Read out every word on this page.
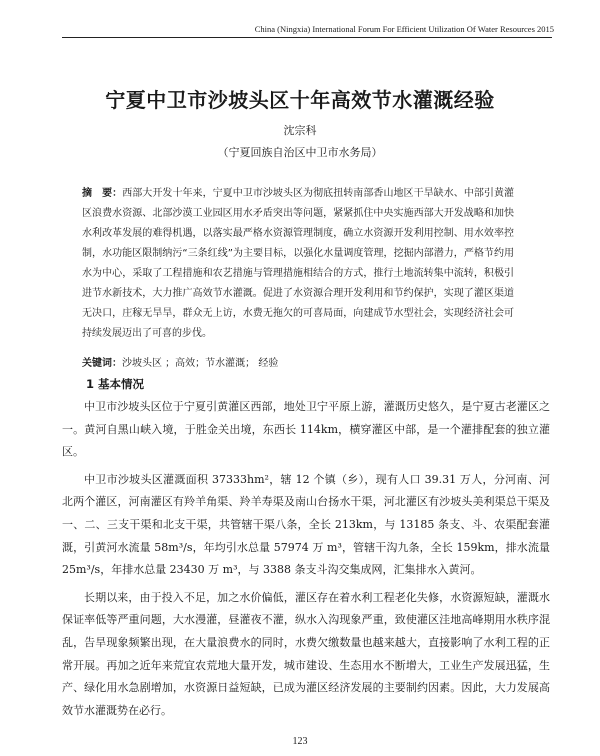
China (Ningxia) International Forum For Efficient Utilization Of Water Resources 2015
宁夏中卫市沙坡头区十年高效节水灌溉经验
沈宗科
（宁夏回族自治区中卫市水务局）
摘　要：西部大开发十年来，宁夏中卫市沙坡头区为彻底扭转南部香山地区干旱缺水、中部引黄灌区浪费水资源、北部沙漠工业园区用水矛盾突出等问题，紧紧抓住中央实施西部大开发战略和加快水利改革发展的难得机遇，以落实最严格水资源管理制度，确立水资源开发利用控制、用水效率控制，水功能区限制纳污“三条红线”为主要目标，以强化水量调度管理，挖掘内部潜力，严格节约用水为中心，采取了工程措施和农艺措施与管理措施相结合的方式，推行土地流转集中流转，积极引进节水新技术，大力推广高效节水灌溉。促进了水资源合理开发利用和节约保护，实现了灌区渠道无决口，庄稼无旱旱，群众无上访，水费无拖欠的可喜局面，向建成节水型社会，实现经济社会可持续发展迈出了可喜的步伐。
关键词：沙坡头区 ；高效；节水灌溉； 经验
1 基本情况

中卫市沙坡头区位于宁夏引黄灌区西部，地处卫宁平原上游，灌溉历史悠久，是宁夏古老灌区之一。黄河自黑山峡入境，于胜金关出境，东西长 114km，横穿灌区中部，是一个灌排配套的独立灌区。

中卫市沙坡头区灌溉面积 37333hm²，辖 12 个镇（乡），现有人口 39.31 万人，分河南、河北两个灌区，河南灌区有羚羊角渠、羚羊寿渠及南山台扬水干渠，河北灌区有沙坡头美利渠总干渠及一、二、三支干渠和北支干渠，共管辖干渠八条，全长 213km，与 13185 条支、斗、农渠配套灌溉，引黄河水流量 58m³/s，年均引水总量 57974 万 m³，管辖干沟九条，全长 159km，排水流量 25m³/s，年排水总量 23430 万 m³，与 3388 条支斗沟交集成网，汇集排水入黄河。

长期以来，由于投入不足，加之水价偏低，灌区存在着水利工程老化失修，水资源短缺，灌溉水保证率低等严重问题，大水漫灌，昼灌夜不灌，纵水入沟现象严重，致使灌区洼地高峰期用水秩序混乱，告旱现象频繁出现，在大量浪费水的同时，水费欠缴数量也越来越大，直接影响了水利工程的正常开展。再加之近年来荒宜农荒地大量开发，城市建设、生态用水不断增大，工业生产发展迅猛，生产、绿化用水急剧增加，水资源日益短缺，已成为灌区经济发展的主要制约因素。因此，大力发展高效节水灌溉势在必行。

123
